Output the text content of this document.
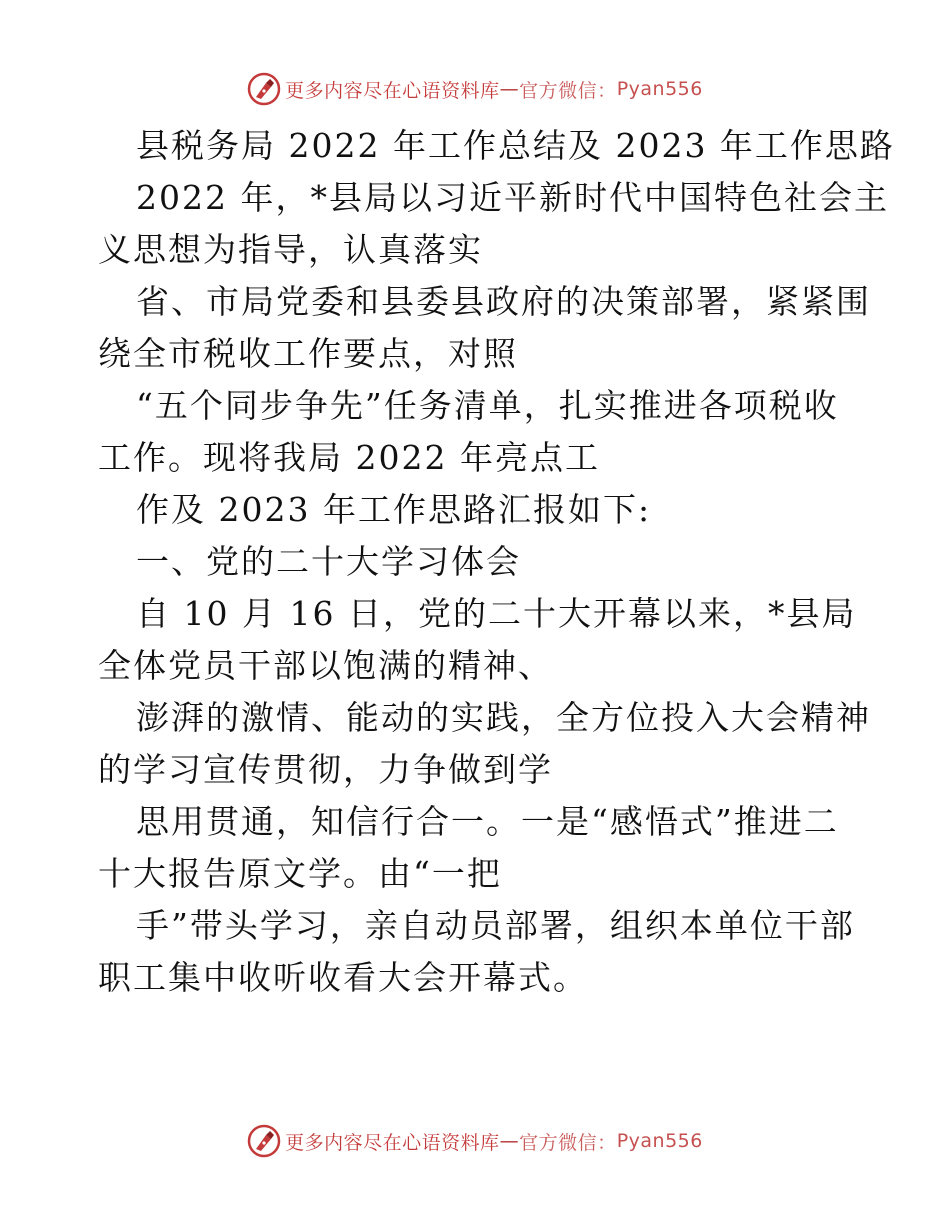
更多内容尽在心语资料库 — 官方微信： Pyan556
县税务局 2022 年工作总结及 2023 年工作思路
2022 年，*县局以习近平新时代中国特色社会主
义思想为指导，认真落实
省、市局党委和县委县政府的决策部署，紧紧围
绕全市税收工作要点，对照
“五个同步争先”任务清单，扎实推进各项税收
工作。现将我局 2022 年亮点工
作及 2023 年工作思路汇报如下:
一、党的二十大学习体会
自 10 月 16 日，党的二十大开幕以来，*县局
全体党员干部以饱满的精神、
澎湃的激情、能动的实践，全方位投入大会精神
的学习宣传贯彻，力争做到学
思用贯通，知信行合一。一是“感悟式”推进二
十大报告原文学。由“一把
手”带头学习，亲自动员部署，组织本单位干部
职工集中收听收看大会开幕式。
更多内容尽在心语资料库 — 官方微信： Pyan556
